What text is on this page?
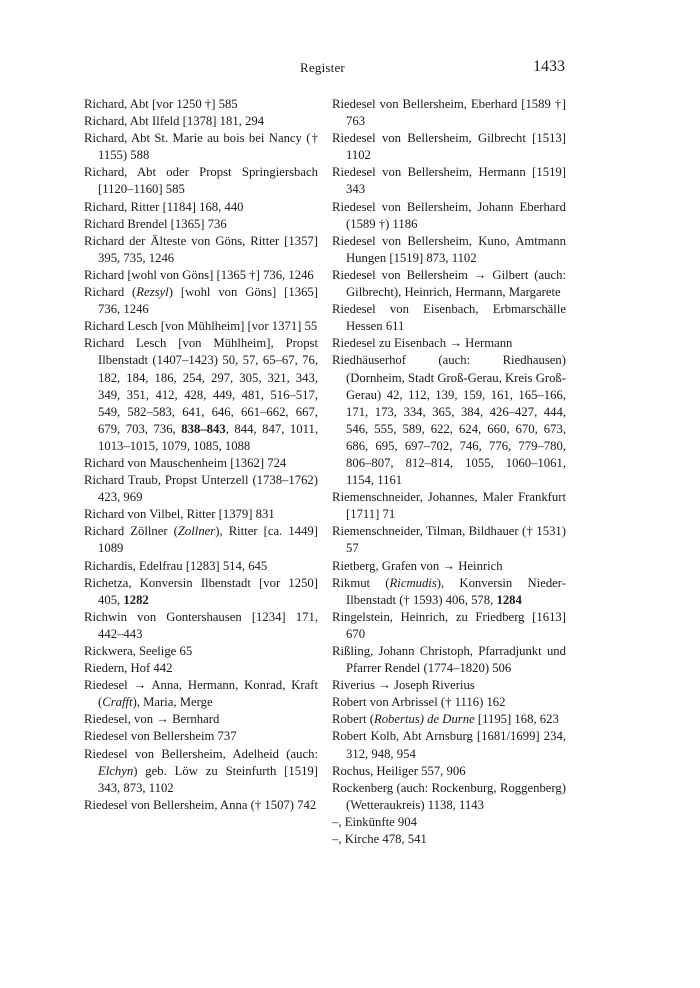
Register	1433
Richard, Abt [vor 1250 †] 585
Richard, Abt Ilfeld [1378] 181, 294
Richard, Abt St. Marie au bois bei Nancy († 1155) 588
Richard, Abt oder Propst Springiersbach [1120–1160] 585
Richard, Ritter [1184] 168, 440
Richard Brendel [1365] 736
Richard der Älteste von Göns, Ritter [1357] 395, 735, 1246
Richard [wohl von Göns] [1365 †] 736, 1246
Richard (Rezsyl) [wohl von Göns] [1365] 736, 1246
Richard Lesch [von Mühlheim] [vor 1371] 55
Richard Lesch [von Mühlheim], Propst Ilbenstadt (1407–1423) 50, 57, 65–67, 76, 182, 184, 186, 254, 297, 305, 321, 343, 349, 351, 412, 428, 449, 481, 516–517, 549, 582–583, 641, 646, 661–662, 667, 679, 703, 736, 838–843, 844, 847, 1011, 1013–1015, 1079, 1085, 1088
Richard von Mauschenheim [1362] 724
Richard Traub, Propst Unterzell (1738–1762) 423, 969
Richard von Vilbel, Ritter [1379] 831
Richard Zöllner (Zollner), Ritter [ca. 1449] 1089
Richardis, Edelfrau [1283] 514, 645
Richetza, Konversin Ilbenstadt [vor 1250] 405, 1282
Richwin von Gontershausen [1234] 171, 442–443
Rickwera, Seelige 65
Riedern, Hof 442
Riedesel → Anna, Hermann, Konrad, Kraft (Crafft), Maria, Merge
Riedesel, von → Bernhard
Riedesel von Bellersheim 737
Riedesel von Bellersheim, Adelheid (auch: Elchyn) geb. Löw zu Steinfurth [1519] 343, 873, 1102
Riedesel von Bellersheim, Anna († 1507) 742
Riedesel von Bellersheim, Eberhard [1589 †] 763
Riedesel von Bellersheim, Gilbrecht [1513] 1102
Riedesel von Bellersheim, Hermann [1519] 343
Riedesel von Bellersheim, Johann Eberhard (1589 †) 1186
Riedesel von Bellersheim, Kuno, Amtmann Hungen [1519] 873, 1102
Riedesel von Bellersheim → Gilbert (auch: Gilbrecht), Heinrich, Hermann, Margarete
Riedesel von Eisenbach, Erbmarschälle Hessen 611
Riedesel zu Eisenbach → Hermann
Riedhäuserhof (auch: Riedhausen) (Dornheim, Stadt Groß-Gerau, Kreis Groß-Gerau) 42, 112, 139, 159, 161, 165–166, 171, 173, 334, 365, 384, 426–427, 444, 546, 555, 589, 622, 624, 660, 670, 673, 686, 695, 697–702, 746, 776, 779–780, 806–807, 812–814, 1055, 1060–1061, 1154, 1161
Riemenschneider, Johannes, Maler Frankfurt [1711] 71
Riemenschneider, Tilman, Bildhauer († 1531) 57
Rietberg, Grafen von → Heinrich
Rikmut (Ricmudis), Konversin Nieder-Ilbenstadt († 1593) 406, 578, 1284
Ringelstein, Heinrich, zu Friedberg [1613] 670
Rißling, Johann Christoph, Pfarradjunkt und Pfarrer Rendel (1774–1820) 506
Riverius → Joseph Riverius
Robert von Arbrissel († 1116) 162
Robert (Robertus) de Durne [1195] 168, 623
Robert Kolb, Abt Arnsburg [1681/1699] 234, 312, 948, 954
Rochus, Heiliger 557, 906
Rockenberg (auch: Rockenburg, Roggenberg) (Wetteraukreis) 1138, 1143
–, Einkünfte 904
–, Kirche 478, 541
